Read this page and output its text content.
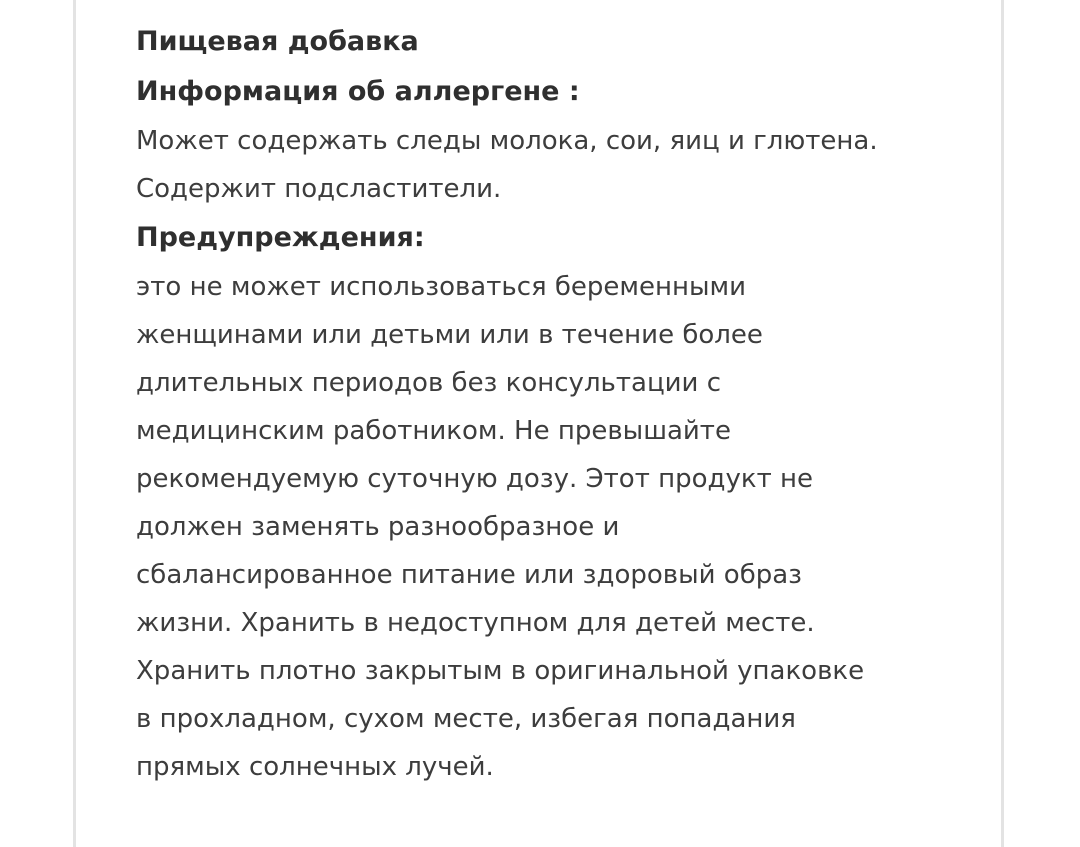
Пищевая добавка

Информация об аллергене :

Может содержать следы молока, сои, яиц и глютена.
Содержит подсластители.

Предупреждения:

это не может использоваться беременными
женщинами или детьми или в течение более
длительных периодов без консультации с
медицинским работником. Не превышайте
рекомендуемую суточную дозу. Этот продукт не
должен заменять разнообразное и
сбалансированное питание или здоровый образ
жизни. Хранить в недоступном для детей месте.
Хранить плотно закрытым в оригинальной упаковке
в прохладном, сухом месте, избегая попадания
прямых солнечных лучей.
